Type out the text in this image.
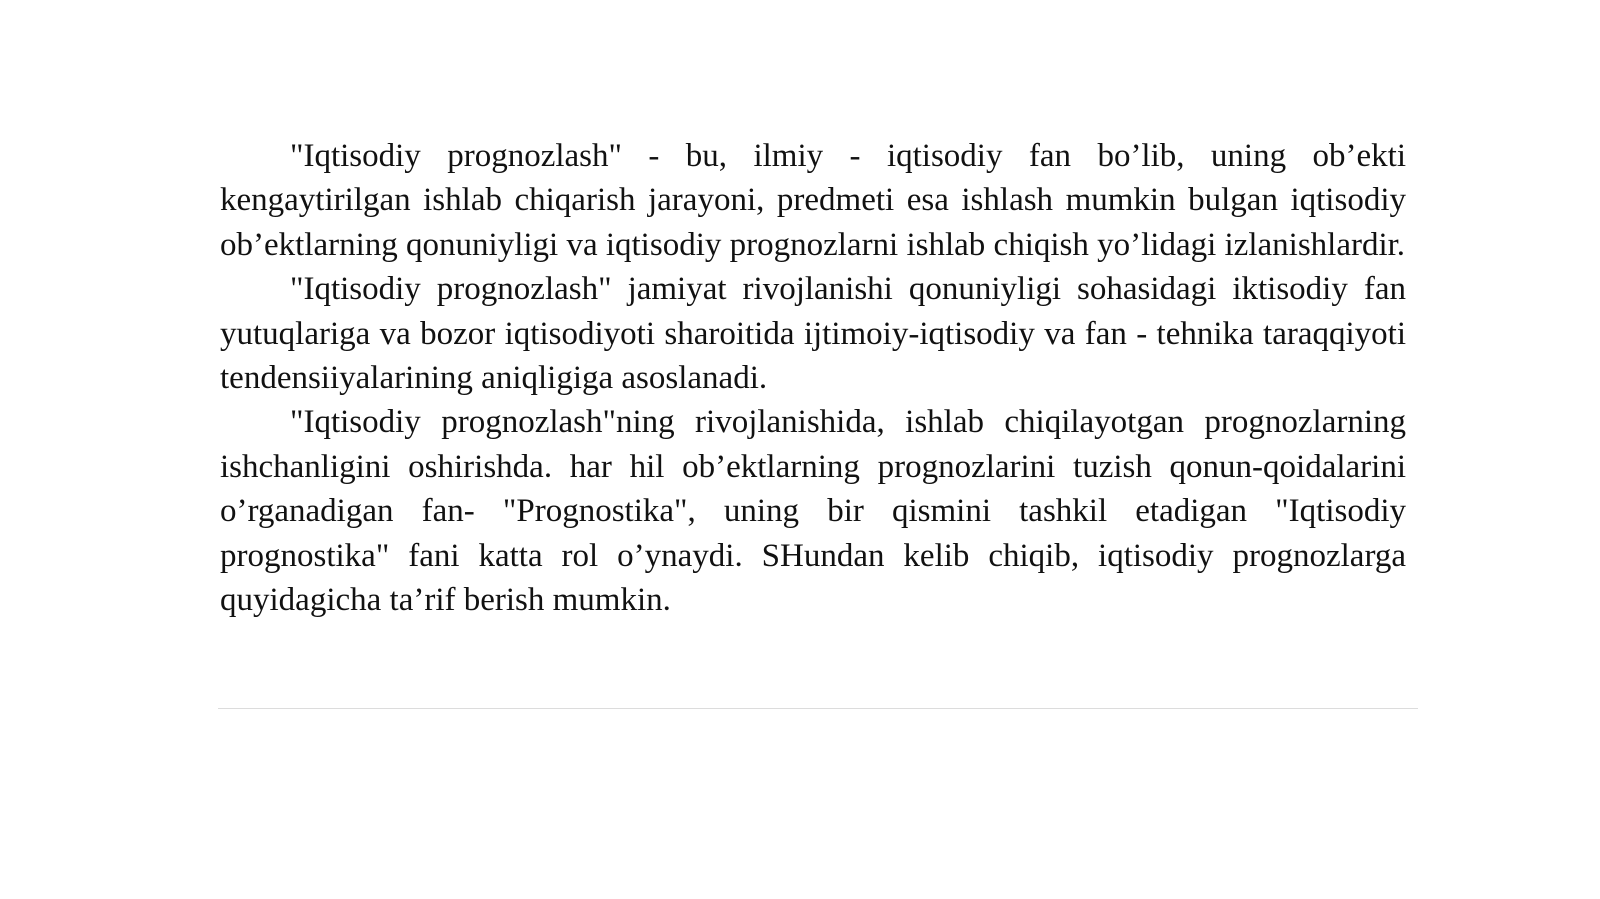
"Iqtisodiy prognozlash" - bu, ilmiy - iqtisodiy fan bo’lib, uning ob’ekti kengaytirilgan ishlab chiqarish jarayoni, predmeti esa ishlash mumkin bulgan iqtisodiy ob’ektlarning qonuniyligi va iqtisodiy prognozlarni ishlab chiqish yo’lidagi izlanishlardir.

"Iqtisodiy prognozlash" jamiyat rivojlanishi qonuniyligi sohasidagi iktisodiy fan yutuqlariga va bozor iqtisodiyoti sharoitida ijtimoiy-iqtisodiy va fan - tehnika taraqqiyoti tendensiiyalarining aniqligiga asoslanadi.

"Iqtisodiy prognozlash"ning rivojlanishida, ishlab chiqilayotgan prognozlarning ishchanligini oshirishda. har hil ob’ektlarning prognozlarini tuzish qonun-qoidalarini o’rganadigan fan- "Prognostika", uning bir qismini tashkil etadigan "Iqtisodiy prognostika" fani katta rol o’ynaydi. SHundan kelib chiqib, iqtisodiy prognozlarga quyidagicha ta’rif berish mumkin.
